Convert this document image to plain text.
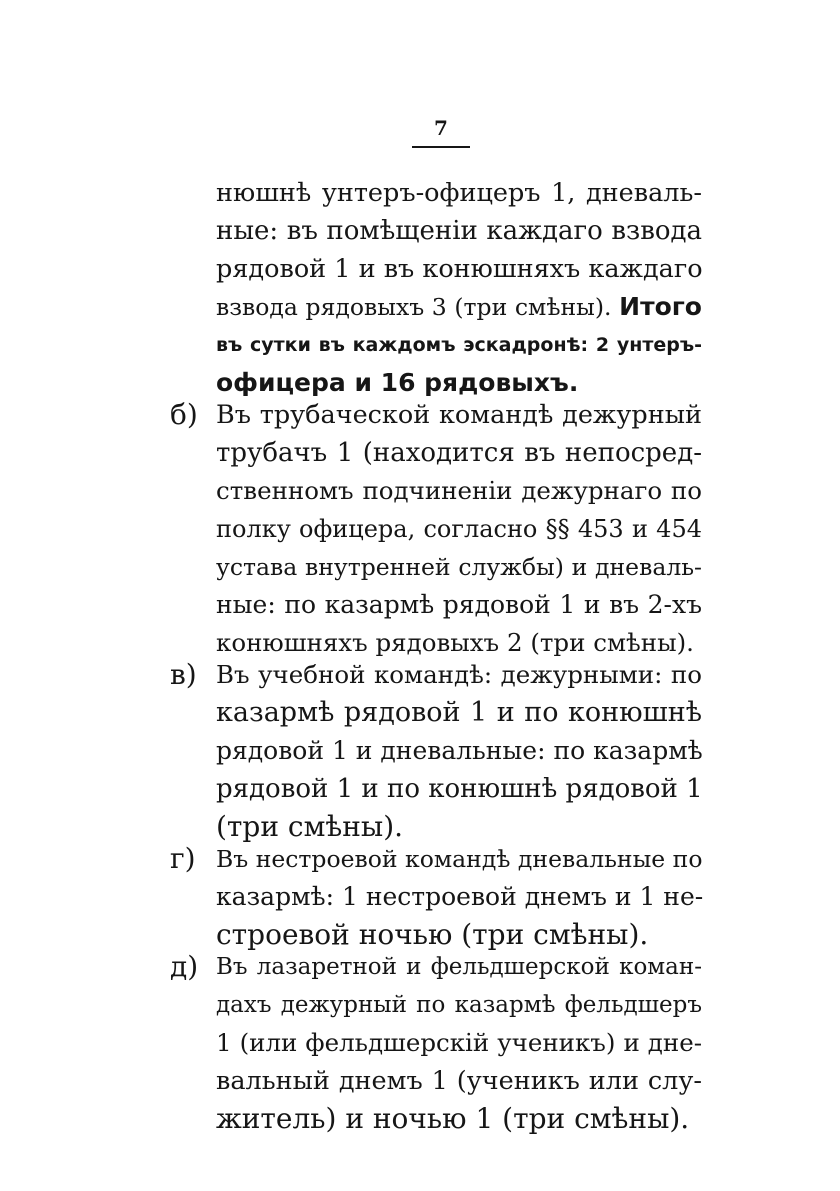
7
нюшнѣ унтеръ-офицеръ 1, днeваль-
ные: въ помѣщеніи каждаго взвода
рядовой 1 и въ конюшняхъ каждаго
взвода рядовыхъ 3 (три смѣны). Итого
въ сутки въ каждомъ эскадронѣ: 2 унтеръ-
офицера и 16 рядовыхъ.
б) Въ трубаческой командѣ дежурный
трубачъ 1 (находится въ непосред-
ственномъ подчиненіи дежурнаго по
полку офицера, согласно §§ 453 и 454
устава внутренней службы) и днeваль-
ные: по казармѣ рядовой 1 и въ 2-хъ
конюшняхъ рядовыхъ 2 (три смѣны).
в) Въ учебной командѣ: дежурными: по
казармѣ рядовой 1 и по конюшнѣ
рядовой 1 и дневальные: по казармѣ
рядовой 1 и по конюшнѣ рядовой 1
(три смѣны).
г) Въ нестроевой командѣ дневальные по
казармѣ: 1 нестроевой днемъ и 1 не-
строевой ночью (три смѣны).
д) Въ лазаретной и фельдшерской коман-
дахъ дежурный по казармѣ фельдшеръ
1 (или фельдшерскій ученикъ) и дне-
вальный днемъ 1 (ученикъ или слу-
житель) и ночью 1 (три смѣны).
